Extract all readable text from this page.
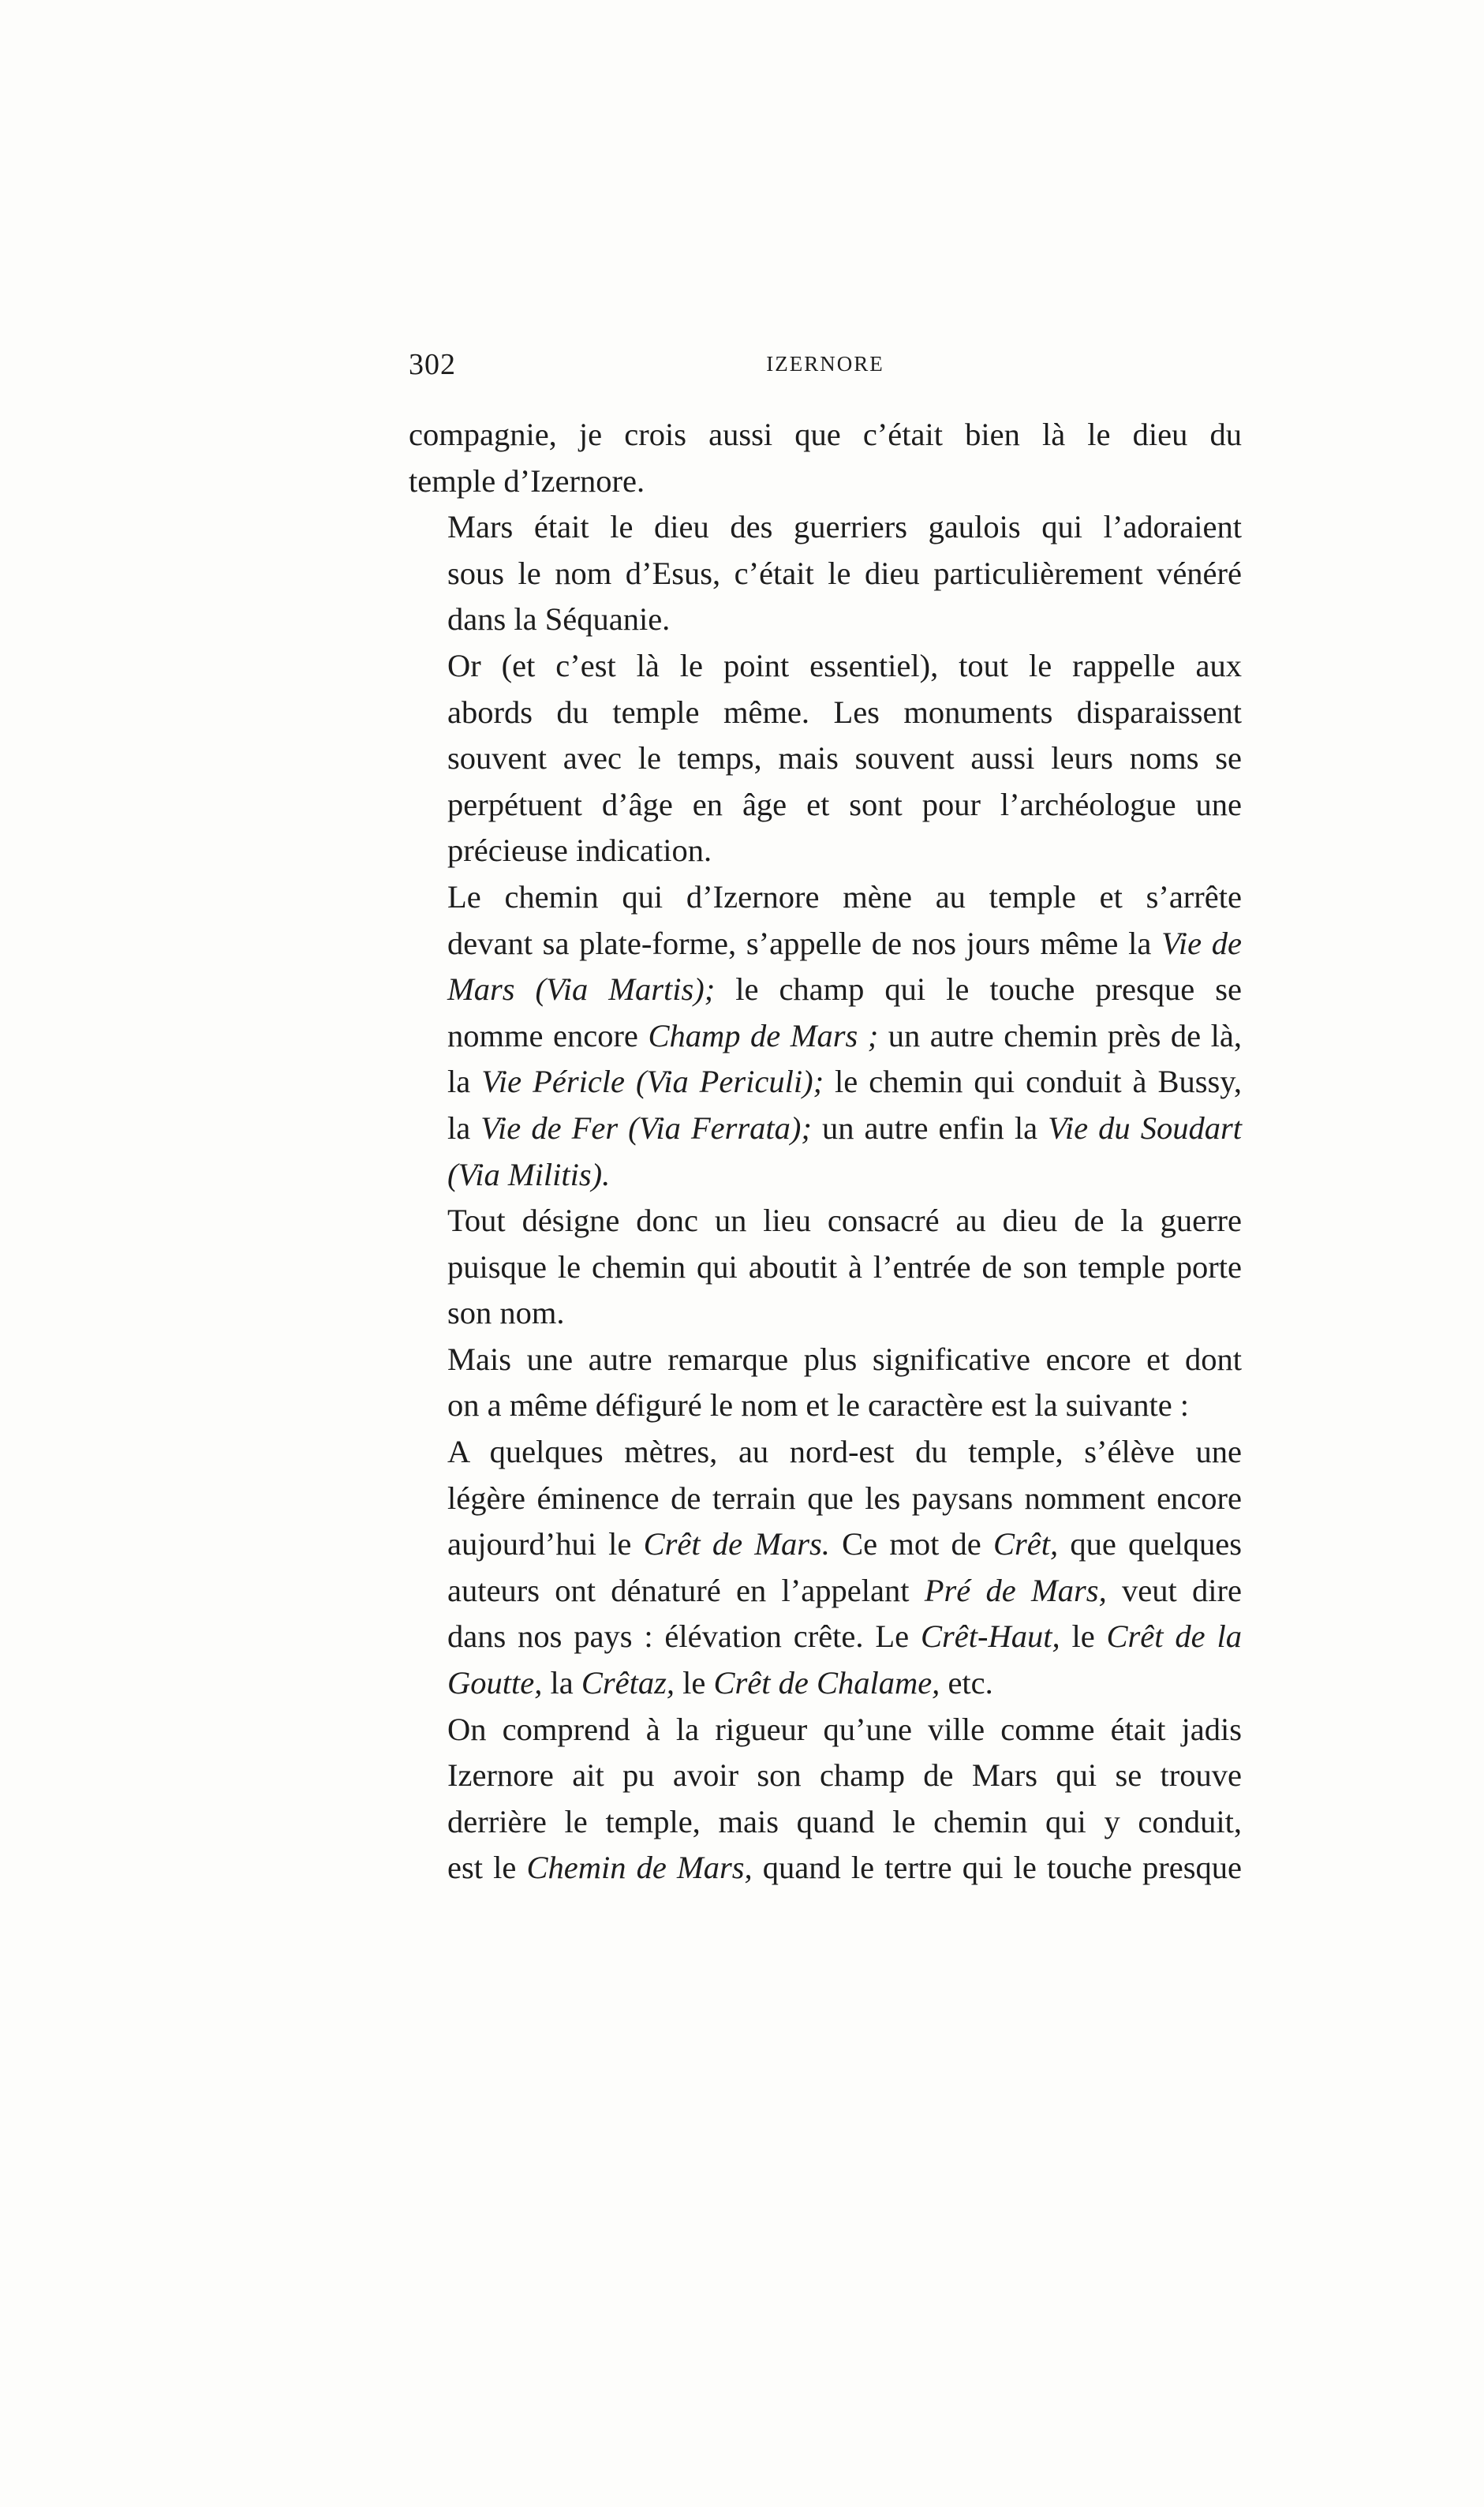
302	IZERNORE

compagnie, je crois aussi que c’était bien là le dieu du
temple d’Izernore.

Mars était le dieu des guerriers gaulois qui l’adoraient
sous le nom d’Esus, c’était le dieu particulièrement vénéré
dans la Séquanie.

Or (et c’est là le point essentiel), tout le rappelle aux
abords du temple même. Les monuments disparaissent
souvent avec le temps, mais souvent aussi leurs noms se
perpétuent d’âge en âge et sont pour l’archéologue une
précieuse indication.

Le chemin qui d’Izernore mène au temple et s’arrête
devant sa plate-forme, s’appelle de nos jours même la Vie de
Mars (Via Martis); le champ qui le touche presque se
nomme encore Champ de Mars ; un autre chemin près de là,
la Vie Péricle (Via Periculi); le chemin qui conduit à Bussy,
la Vie de Fer (Via Ferrata); un autre enfin la Vie du Soudart
(Via Militis).

Tout désigne donc un lieu consacré au dieu de la guerre
puisque le chemin qui aboutit à l’entrée de son temple porte
son nom.

Mais une autre remarque plus significative encore et dont
on a même défiguré le nom et le caractère est la suivante :

A quelques mètres, au nord-est du temple, s’élève une
légère éminence de terrain que les paysans nomment encore
aujourd’hui le Crêt de Mars. Ce mot de Crêt, que quelques
auteurs ont dénaturé en l’appelant Pré de Mars, veut dire
dans nos pays : élévation crête. Le Crêt-Haut, le Crêt de la
Goutte, la Crêtaz, le Crêt de Chalame, etc.

On comprend à la rigueur qu’une ville comme était jadis
Izernore ait pu avoir son champ de Mars qui se trouve
derrière le temple, mais quand le chemin qui y conduit,
est le Chemin de Mars, quand le tertre qui le touche presque
